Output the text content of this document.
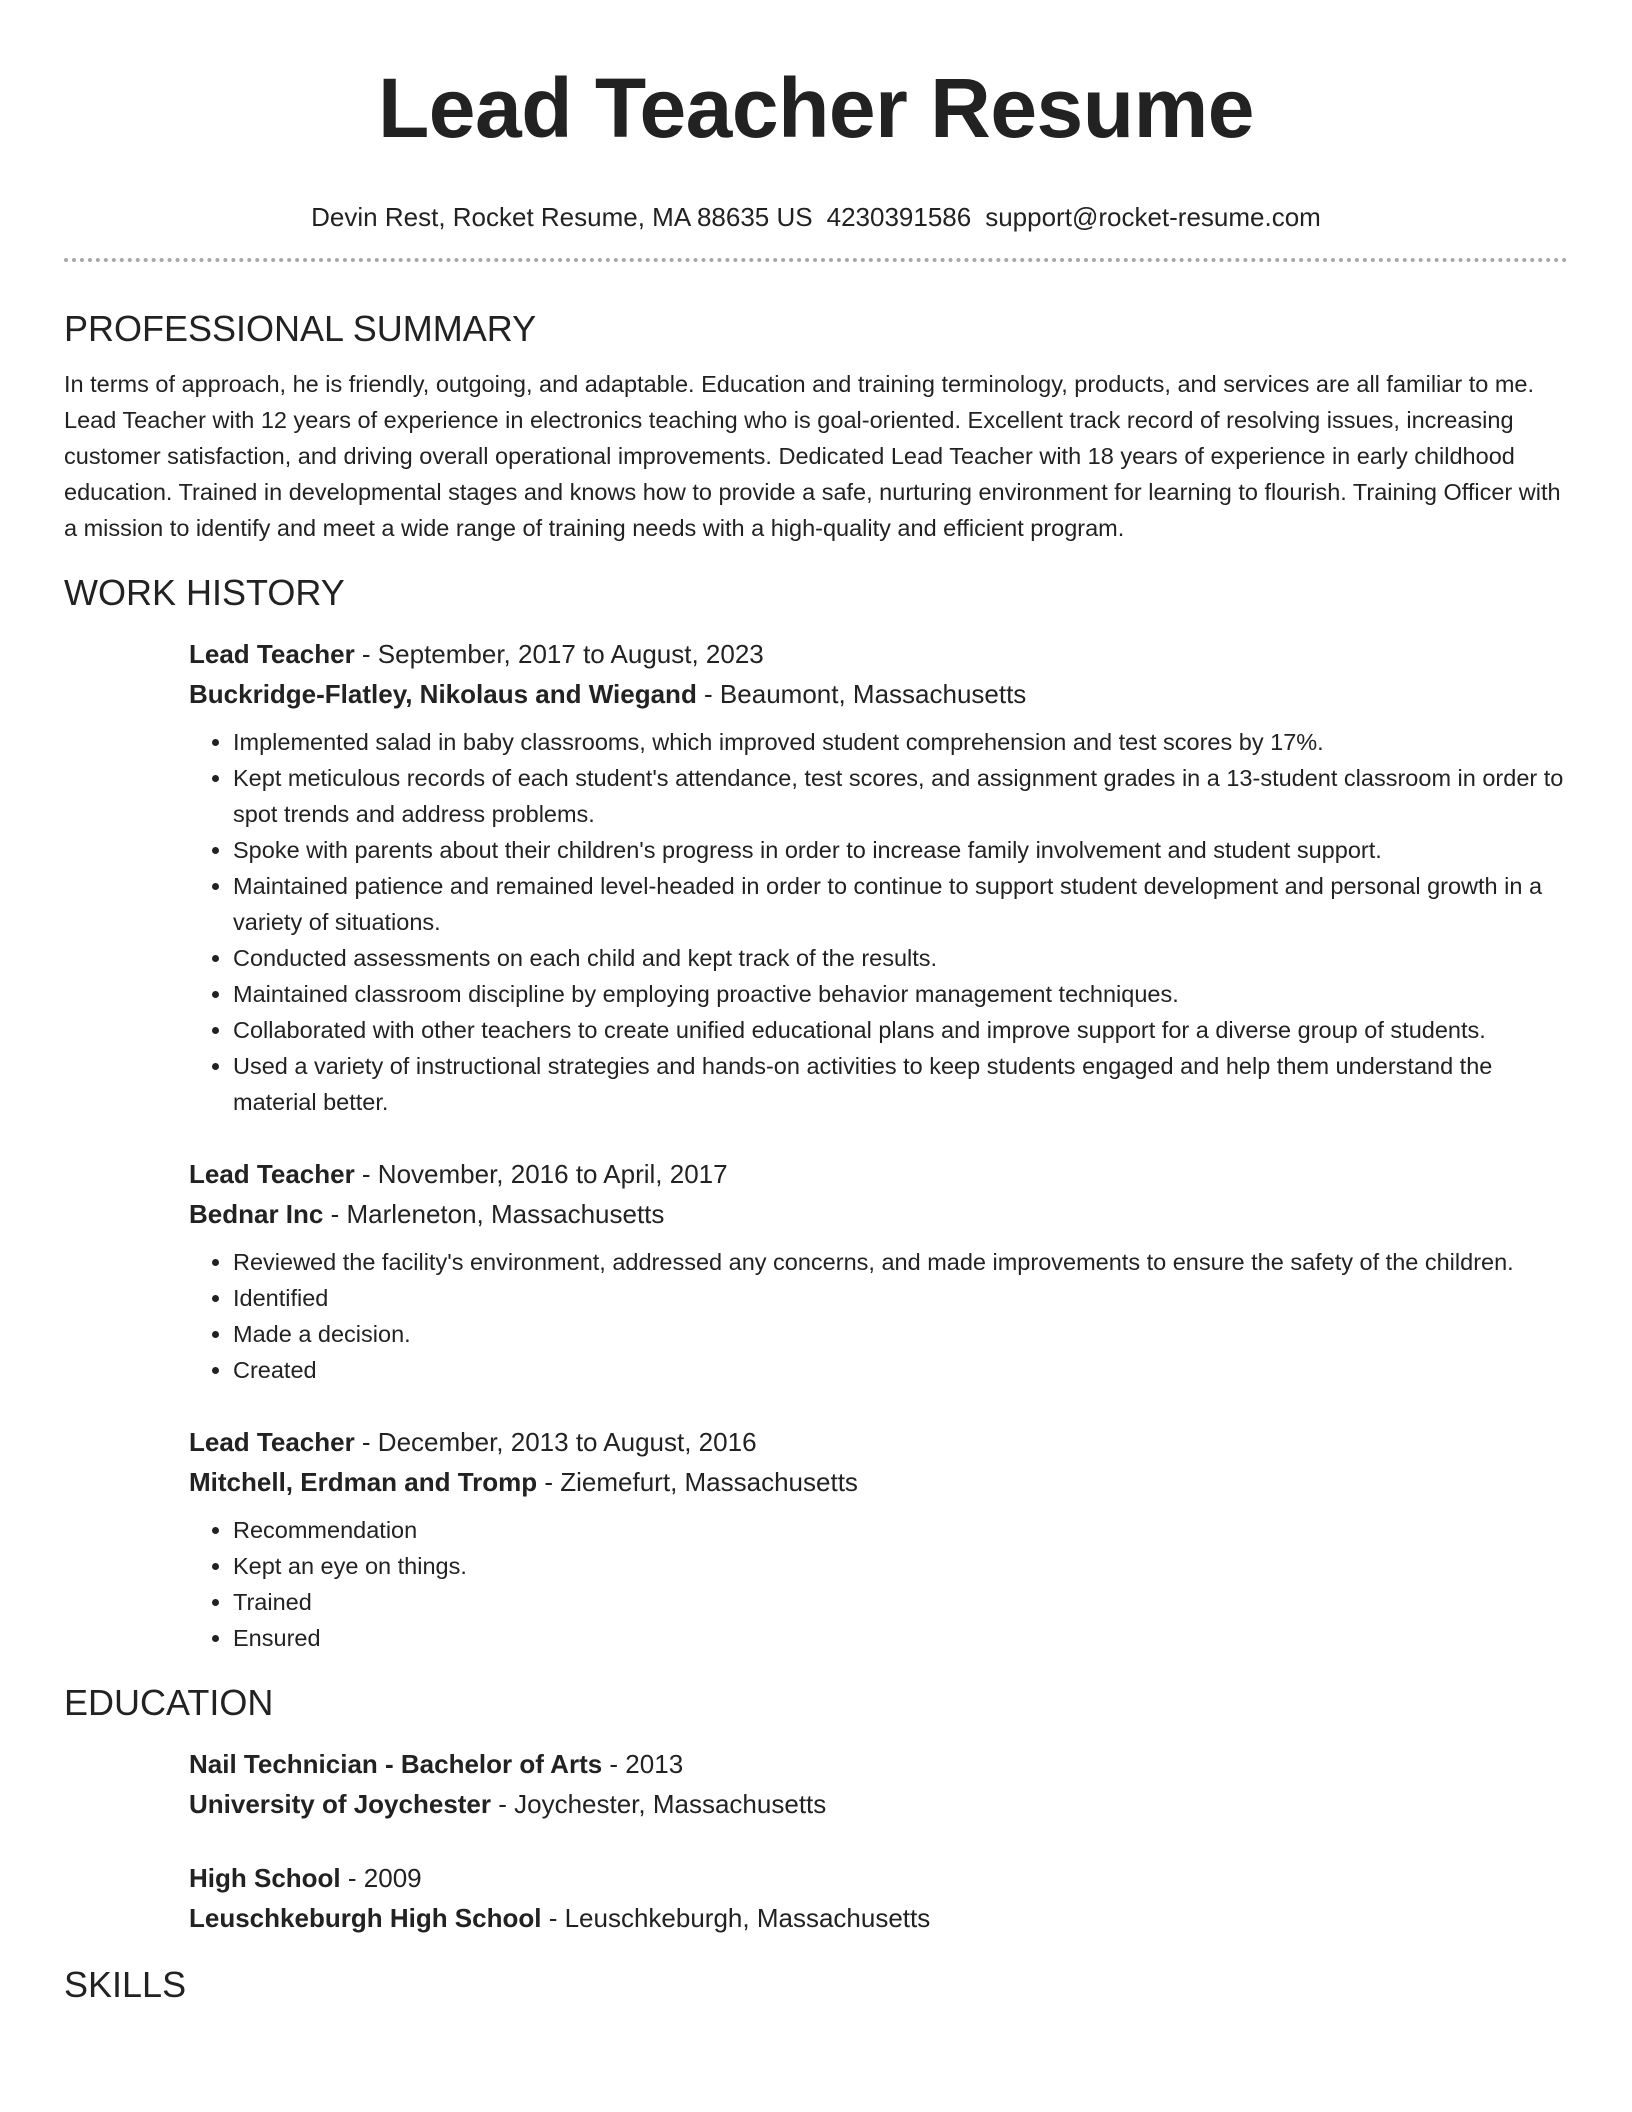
Lead Teacher Resume
Devin Rest, Rocket Resume, MA 88635 US 4230391586 support@rocket-resume.com
PROFESSIONAL SUMMARY

In terms of approach, he is friendly, outgoing, and adaptable. Education and training terminology, products, and services are all familiar to me. Lead Teacher with 12 years of experience in electronics teaching who is goal-oriented. Excellent track record of resolving issues, increasing customer satisfaction, and driving overall operational improvements. Dedicated Lead Teacher with 18 years of experience in early childhood education. Trained in developmental stages and knows how to provide a safe, nurturing environment for learning to flourish. Training Officer with a mission to identify and meet a wide range of training needs with a high-quality and efficient program.

WORK HISTORY
Lead Teacher - September, 2017 to August, 2023
Buckridge-Flatley, Nikolaus and Wiegand - Beaumont, Massachusetts
• Implemented salad in baby classrooms, which improved student comprehension and test scores by 17%.
• Kept meticulous records of each student's attendance, test scores, and assignment grades in a 13-student classroom in order to spot trends and address problems.
• Spoke with parents about their children's progress in order to increase family involvement and student support.
• Maintained patience and remained level-headed in order to continue to support student development and personal growth in a variety of situations.
• Conducted assessments on each child and kept track of the results.
• Maintained classroom discipline by employing proactive behavior management techniques.
• Collaborated with other teachers to create unified educational plans and improve support for a diverse group of students.
• Used a variety of instructional strategies and hands-on activities to keep students engaged and help them understand the material better.
Lead Teacher - November, 2016 to April, 2017
Bednar Inc - Marleneton, Massachusetts
• Reviewed the facility's environment, addressed any concerns, and made improvements to ensure the safety of the children.
• Identified
• Made a decision.
• Created
Lead Teacher - December, 2013 to August, 2016
Mitchell, Erdman and Tromp - Ziemefurt, Massachusetts
• Recommendation
• Kept an eye on things.
• Trained
• Ensured
EDUCATION
Nail Technician - Bachelor of Arts - 2013
University of Joychester - Joychester, Massachusetts
High School - 2009
Leuschkeburgh High School - Leuschkeburgh, Massachusetts
SKILLS
